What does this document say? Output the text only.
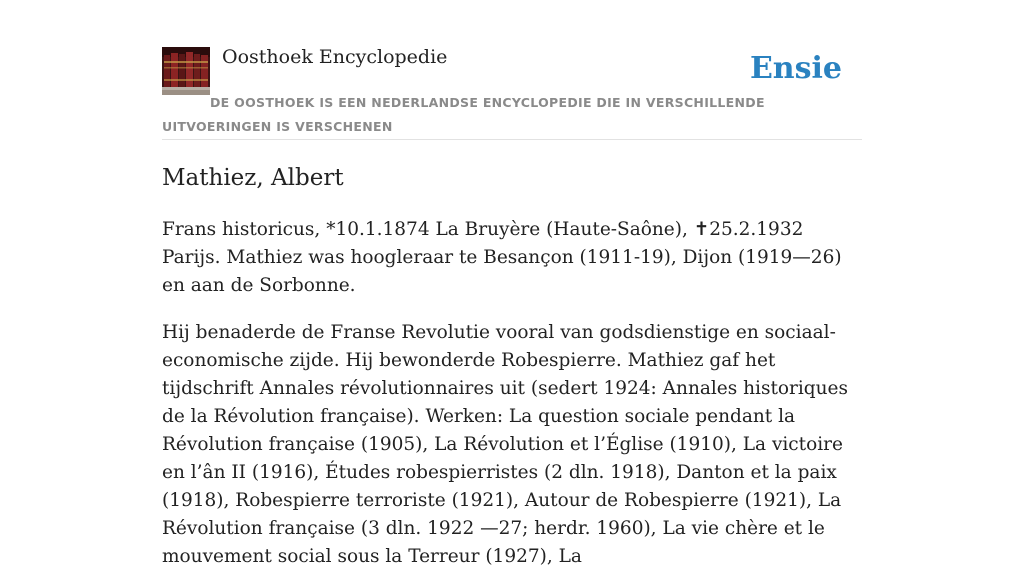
Oosthoek Encyclopedie	Ensie
DE OOSTHOEK IS EEN NEDERLANDSE ENCYCLOPEDIE DIE IN VERSCHILLENDE UITVOERINGEN IS VERSCHENEN
Mathiez, Albert

Frans historicus, *10.1.1874 La Bruyère (Haute-Saône), ✝25.2.1932 Parijs. Mathiez was hoogleraar te Besançon (1911-19), Dijon (1919—26) en aan de Sorbonne.

Hij benaderde de Franse Revolutie vooral van godsdienstige en sociaal-economische zijde. Hij bewonderde Robespierre. Mathiez gaf het tijdschrift Annales révolutionnaires uit (sedert 1924: Annales historiques de la Révolution française). Werken: La question sociale pendant la Révolution française (1905), La Révolution et l’Église (1910), La victoire en l’ân II (1916), Études robespierristes (2 dln. 1918), Danton et la paix (1918), Robespierre terroriste (1921), Autour de Robespierre (1921), La Révolution française (3 dln. 1922 —27; herdr. 1960), La vie chère et le mouvement social sous la Terreur (1927), La
